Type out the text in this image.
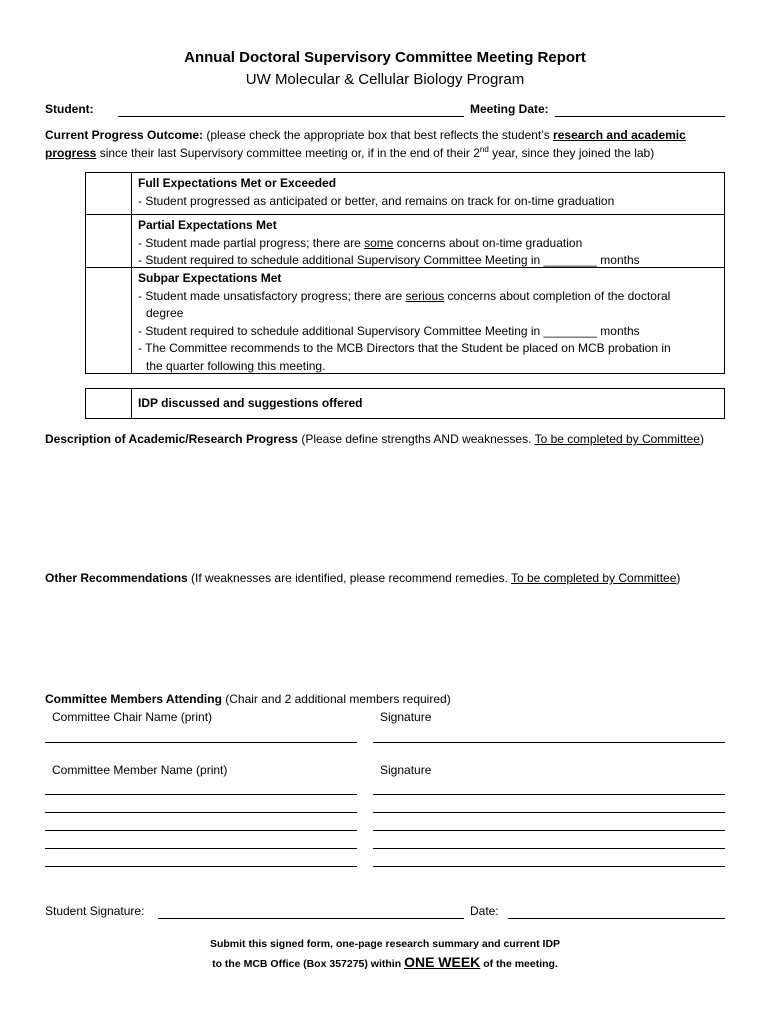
Annual Doctoral Supervisory Committee Meeting Report
UW Molecular & Cellular Biology Program
Student:	Meeting Date:
Current Progress Outcome: (please check the appropriate box that best reflects the student’s research and academic
progress since their last Supervisory committee meeting or, if in the end of their 2nd year, since they joined the lab)
Full Expectations Met or Exceeded
- Student progressed as anticipated or better, and remains on track for on-time graduation
Partial Expectations Met
- Student made partial progress; there are some concerns about on-time graduation
- Student required to schedule additional Supervisory Committee Meeting in ________ months
Subpar Expectations Met
- Student made unsatisfactory progress; there are serious concerns about completion of the doctoral
degree
- Student required to schedule additional Supervisory Committee Meeting in ________ months
- The Committee recommends to the MCB Directors that the Student be placed on MCB probation in
the quarter following this meeting.
IDP discussed and suggestions offered
Description of Academic/Research Progress (Please define strengths AND weaknesses. To be completed by Committee)
Other Recommendations (If weaknesses are identified, please recommend remedies. To be completed by Committee)
Committee Members Attending (Chair and 2 additional members required)
Committee Chair Name (print)	Signature
Committee Member Name (print)	Signature
Student Signature:	Date:
Submit this signed form, one-page research summary and current IDP
to the MCB Office (Box 357275) within ONE WEEK of the meeting.
